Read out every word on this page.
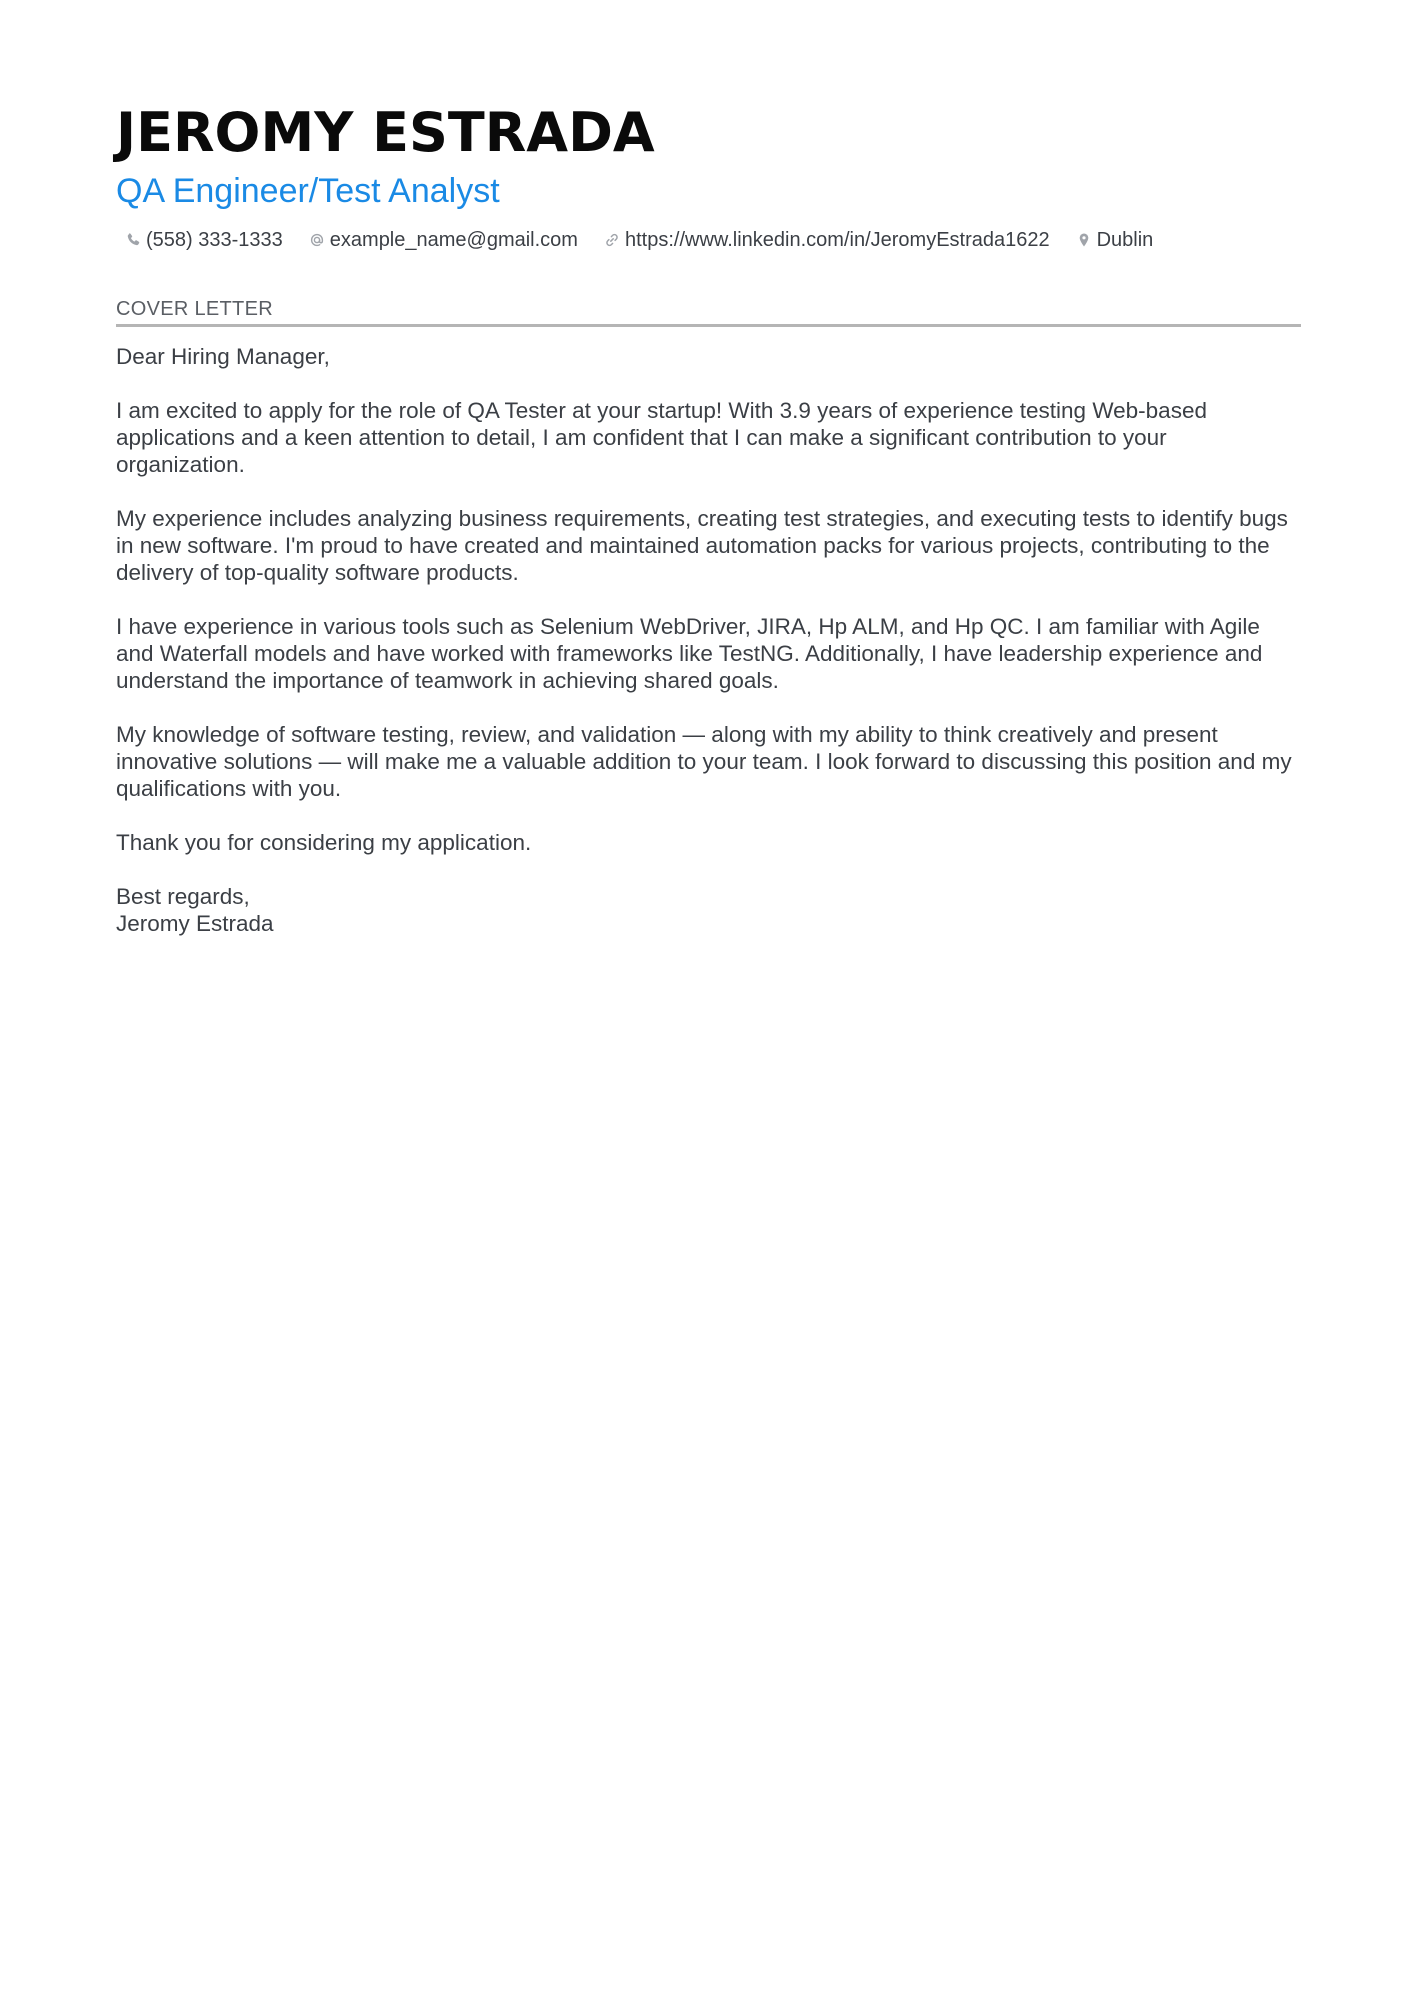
JEROMY ESTRADA
QA Engineer/Test Analyst
(558) 333-1333 example_name@gmail.com https://www.linkedin.com/in/JeromyEstrada1622 Dublin
COVER LETTER

Dear Hiring Manager,

I am excited to apply for the role of QA Tester at your startup! With 3.9 years of experience testing Web-based applications and a keen attention to detail, I am confident that I can make a significant contribution to your organization.

My experience includes analyzing business requirements, creating test strategies, and executing tests to identify bugs in new software. I'm proud to have created and maintained automation packs for various projects, contributing to the delivery of top-quality software products.

I have experience in various tools such as Selenium WebDriver, JIRA, Hp ALM, and Hp QC. I am familiar with Agile and Waterfall models and have worked with frameworks like TestNG. Additionally, I have leadership experience and understand the importance of teamwork in achieving shared goals.

My knowledge of software testing, review, and validation — along with my ability to think creatively and present innovative solutions — will make me a valuable addition to your team. I look forward to discussing this position and my qualifications with you.

Thank you for considering my application.

Best regards,

Jeromy Estrada
